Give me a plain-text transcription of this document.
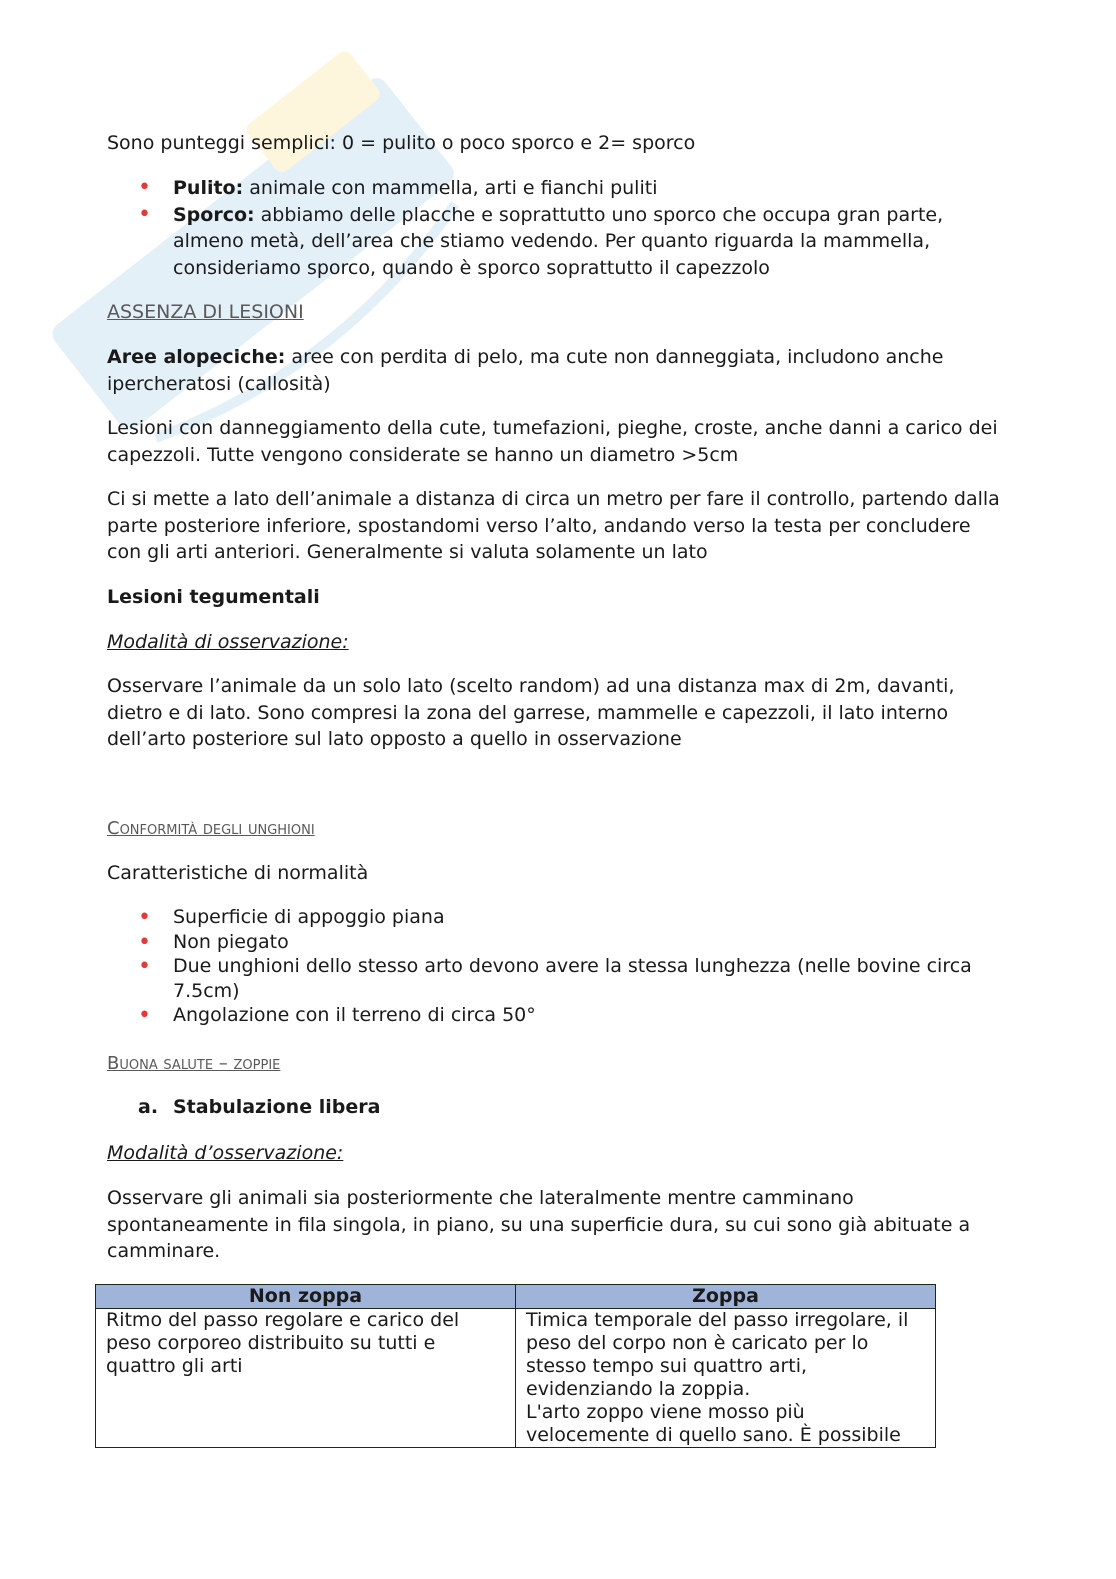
Sono punteggi semplici: 0 = pulito o poco sporco e 2= sporco

• Pulito: animale con mammella, arti e fianchi puliti
• Sporco: abbiamo delle placche e soprattutto uno sporco che occupa gran parte, almeno metà, dell’area che stiamo vedendo. Per quanto riguarda la mammella, consideriamo sporco, quando è sporco soprattutto il capezzolo

ASSENZA DI LESIONI

Aree alopeciche: aree con perdita di pelo, ma cute non danneggiata, includono anche ipercheratosi (callosità)

Lesioni con danneggiamento della cute, tumefazioni, pieghe, croste, anche danni a carico dei capezzoli. Tutte vengono considerate se hanno un diametro >5cm

Ci si mette a lato dell’animale a distanza di circa un metro per fare il controllo, partendo dalla parte posteriore inferiore, spostandomi verso l’alto, andando verso la testa per concludere con gli arti anteriori. Generalmente si valuta solamente un lato

Lesioni tegumentali

Modalità di osservazione:

Osservare l’animale da un solo lato (scelto random) ad una distanza max di 2m, davanti, dietro e di lato. Sono compresi la zona del garrese, mammelle e capezzoli, il lato interno dell’arto posteriore sul lato opposto a quello in osservazione

Conformità degli unghioni

Caratteristiche di normalità

• Superficie di appoggio piana
• Non piegato
• Due unghioni dello stesso arto devono avere la stessa lunghezza (nelle bovine circa 7.5cm)
• Angolazione con il terreno di circa 50°

Buona salute – zoppie

a. Stabulazione libera

Modalità d’osservazione:

Osservare gli animali sia posteriormente che lateralmente mentre camminano spontaneamente in fila singola, in piano, su una superficie dura, su cui sono già abituate a camminare.

Non zoppa	Zoppa
Ritmo del passo regolare e carico del peso corporeo distribuito su tutti e quattro gli arti	Timica temporale del passo irregolare, il peso del corpo non è caricato per lo stesso tempo sui quattro arti, evidenziando la zoppia.
L'arto zoppo viene mosso più velocemente di quello sano. È possibile
